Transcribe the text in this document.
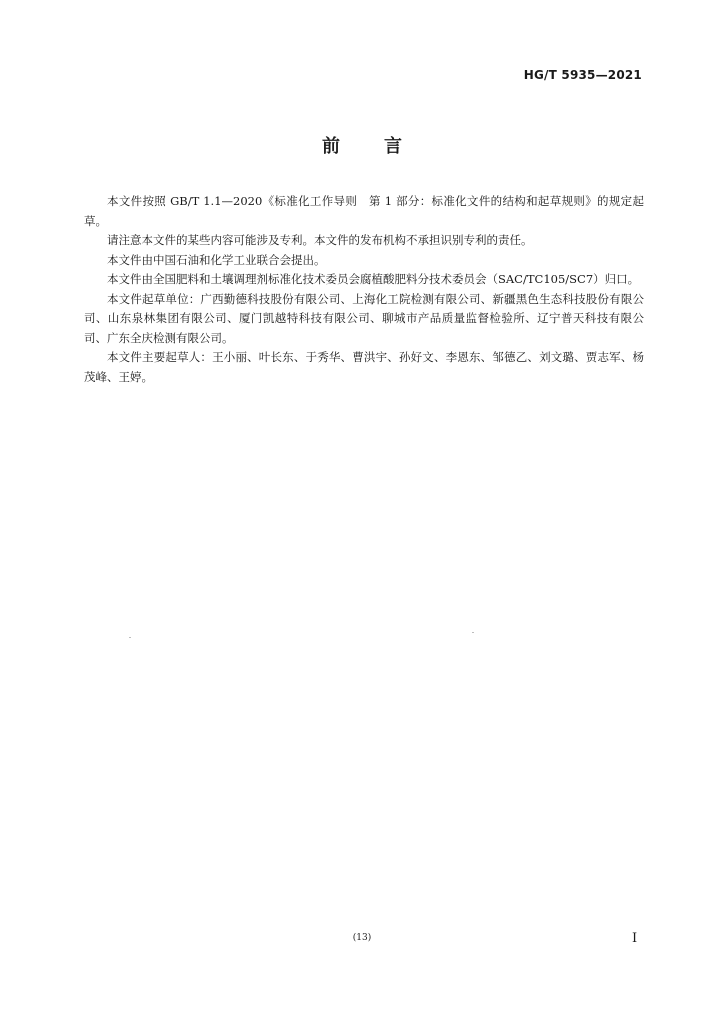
HG/T 5935—2021
前 言

本文件按照 GB/T 1.1—2020《标准化工作导则　第 1 部分：标准化文件的结构和起草规则》的规定起草。

请注意本文件的某些内容可能涉及专利。本文件的发布机构不承担识别专利的责任。

本文件由中国石油和化学工业联合会提出。

本文件由全国肥料和土壤调理剂标准化技术委员会腐植酸肥料分技术委员会（SAC/TC105/SC7）归口。

本文件起草单位：广西勤德科技股份有限公司、上海化工院检测有限公司、新疆黑色生态科技股份有限公司、山东泉林集团有限公司、厦门凯越特科技有限公司、聊城市产品质量监督检验所、辽宁普天科技有限公司、广东全庆检测有限公司。

本文件主要起草人：王小丽、叶长东、于秀华、曹洪宇、孙好文、李恩东、邹德乙、刘文璐、贾志军、杨茂峰、王婷。

(13)	I
